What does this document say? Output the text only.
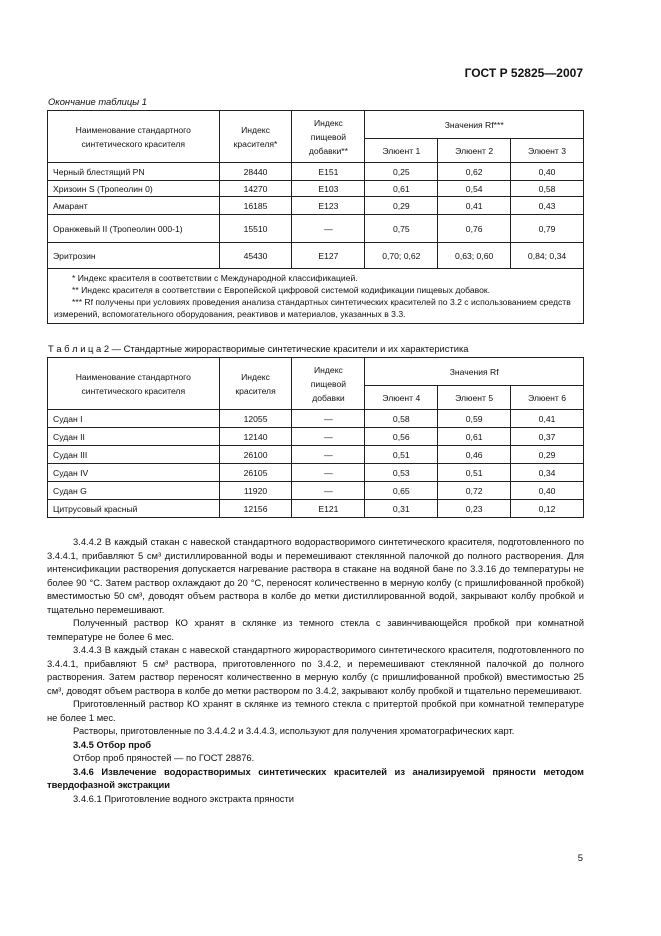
ГОСТ Р 52825—2007
Окончание таблицы 1
Наименование стандартного синтетического красителя	Индекс красителя*	Индекс пищевой добавки**	Значения Rf***		
			Элюент 1	Элюент 2	Элюент 3
Черный блестящий PN	28440	Е151	0,25	0,62	0,40
Хризоин S (Тропеолин 0)	14270	Е103	0,61	0,54	0,58
Амарант	16185	Е123	0,29	0,41	0,43
Оранжевый II (Тропеолин 000-1)	15510	—	0,75	0,76	0,79
Эритрозин	45430	Е127	0,70; 0,62	0,63; 0,60	0,84; 0,34

* Индекс красителя в соответствии с Международной классификацией.
** Индекс красителя в соответствии с Европейской цифровой системой кодификации пищевых добавок.
*** Rf получены при условиях проведения анализа стандартных синтетических красителей по 3.2 с использованием средств измерений, вспомогательного оборудования, реактивов и материалов, указанных в 3.3.					
Т а б л и ц а 2 — Стандартные жирорастворимые синтетические красители и их характеристика
Наименование стандартного синтетического красителя	Индекс красителя	Индекс пищевой добавки	Значения Rf		
			Элюент 4	Элюент 5	Элюент 6
Судан I	12055	—	0,58	0,59	0,41
Судан II	12140	—	0,56	0,61	0,37
Судан III	26100	—	0,51	0,46	0,29
Судан IV	26105	—	0,53	0,51	0,34
Судан G	11920	—	0,65	0,72	0,40
Цитрусовый красный	12156	Е121	0,31	0,23	0,12

3.4.4.2 В каждый стакан с навеской стандартного водорастворимого синтетического красителя, подготовленного по 3.4.4.1, прибавляют 5 см³ дистиллированной воды и перемешивают стеклянной палочкой до полного растворения. Для интенсификации растворения допускается нагревание раствора в стакане на водяной бане по 3.3.16 до температуры не более 90 °С. Затем раствор охлаждают до 20 °С, переносят количественно в мерную колбу (с пришлифованной пробкой) вместимостью 50 см³, доводят объем раствора в колбе до метки дистиллированной водой, закрывают колбу пробкой и тщательно перемешивают.

Полученный раствор КО хранят в склянке из темного стекла с завинчивающейся пробкой при комнатной температуре не более 6 мес.

3.4.4.3 В каждый стакан с навеской стандартного жирорастворимого синтетического красителя, подготовленного по 3.4.4.1, прибавляют 5 см³ раствора, приготовленного по 3.4.2, и перемешивают стеклянной палочкой до полного растворения. Затем раствор переносят количественно в мерную колбу (с пришлифованной пробкой) вместимостью 25 см³, доводят объем раствора в колбе до метки раствором по 3.4.2, закрывают колбу пробкой и тщательно перемешивают.

Приготовленный раствор КО хранят в склянке из темного стекла с притертой пробкой при комнатной температуре не более 1 мес.

Растворы, приготовленные по 3.4.4.2 и 3.4.4.3, используют для получения хроматографических карт.

3.4.5 Отбор проб

Отбор проб пряностей — по ГОСТ 28876.

3.4.6 Извлечение водорастворимых синтетических красителей из анализируемой пряности методом твердофазной экстракции

3.4.6.1 Приготовление водного экстракта пряности

5
